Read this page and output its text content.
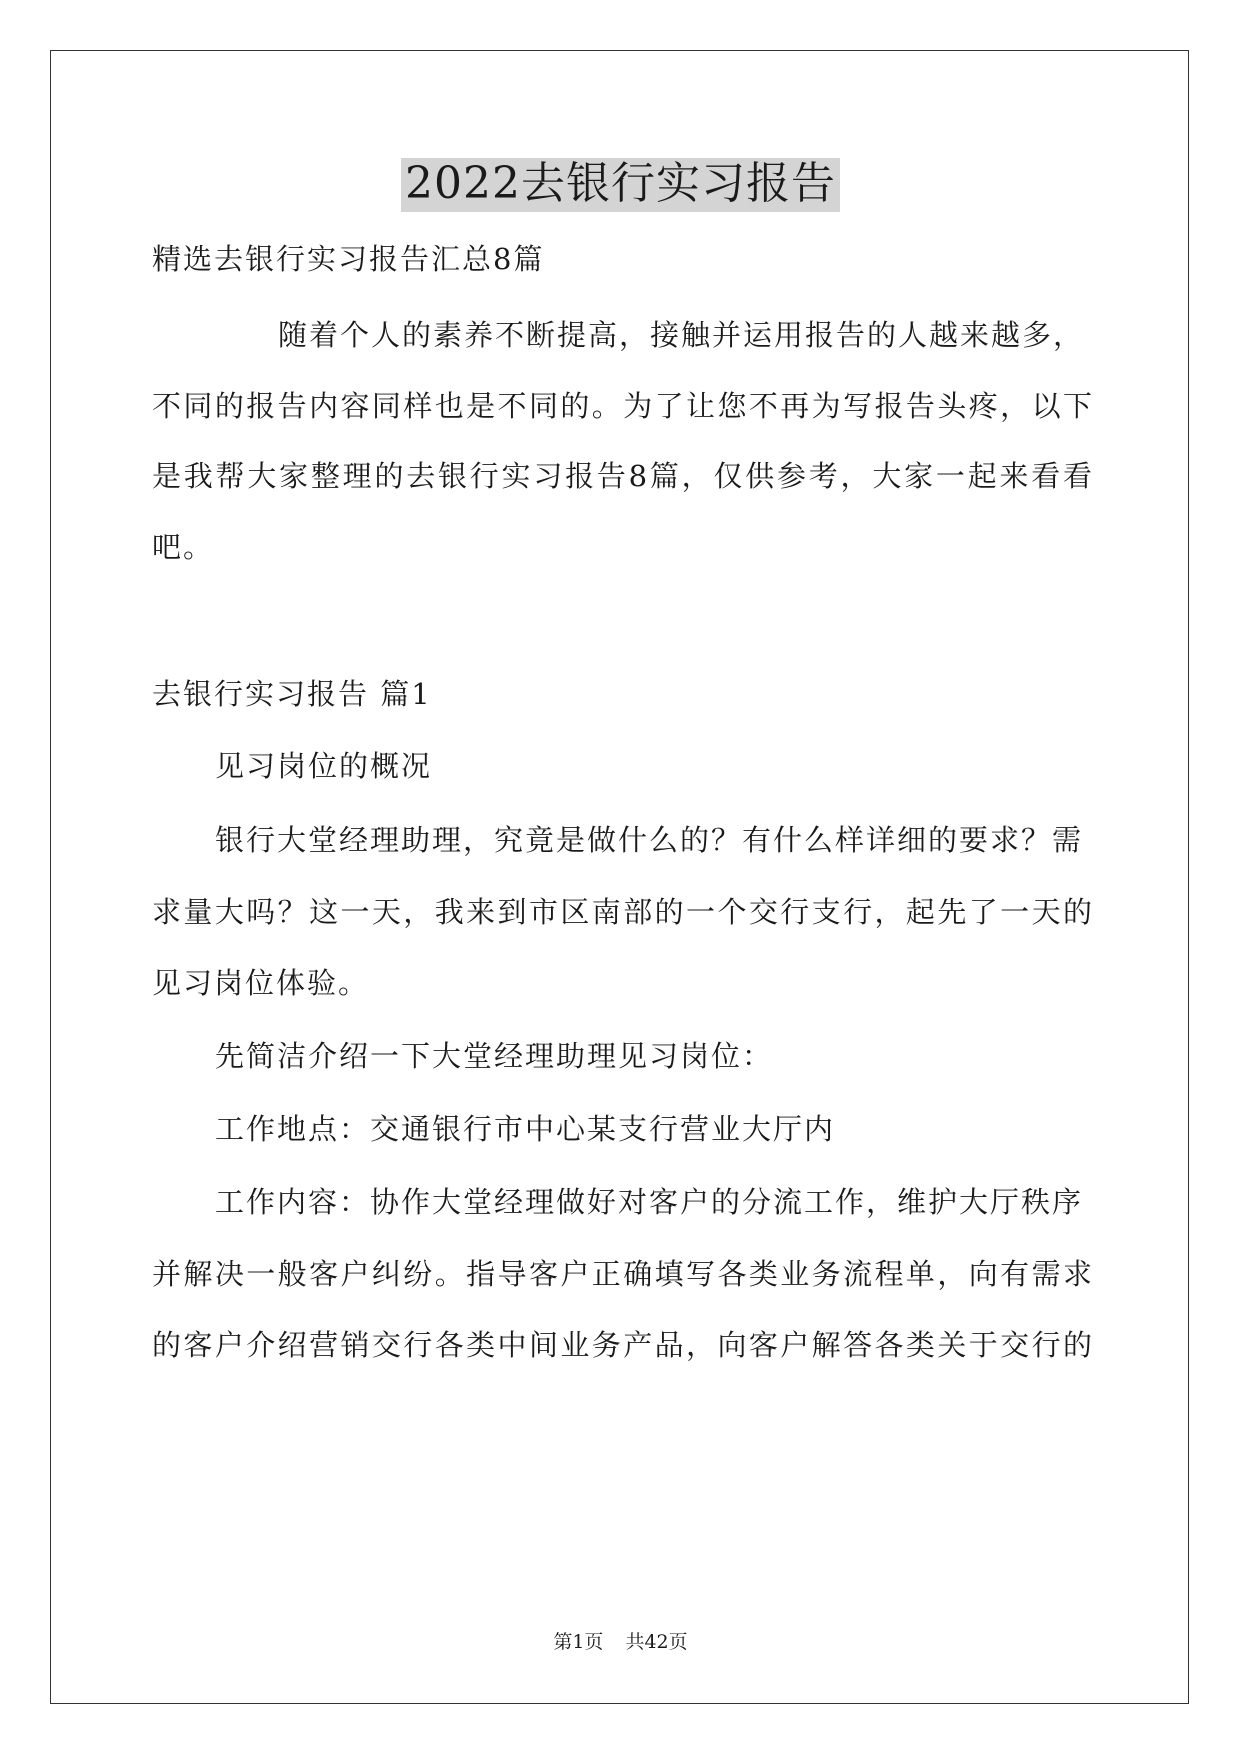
2022去银行实习报告

精选去银行实习报告汇总8篇

随着个人的素养不断提高，接触并运用报告的人越来越多，

不同的报告内容同样也是不同的。为了让您不再为写报告头疼，以下

是我帮大家整理的去银行实习报告8篇，仅供参考，大家一起来看看

吧。

去银行实习报告 篇1

见习岗位的概况

银行大堂经理助理，究竟是做什么的？有什么样详细的要求？需

求量大吗？这一天，我来到市区南部的一个交行支行，起先了一天的

见习岗位体验。

先简洁介绍一下大堂经理助理见习岗位：

工作地点：交通银行市中心某支行营业大厅内

工作内容：协作大堂经理做好对客户的分流工作，维护大厅秩序

并解决一般客户纠纷。指导客户正确填写各类业务流程单，向有需求

的客户介绍营销交行各类中间业务产品，向客户解答各类关于交行的

第1页 共42页
